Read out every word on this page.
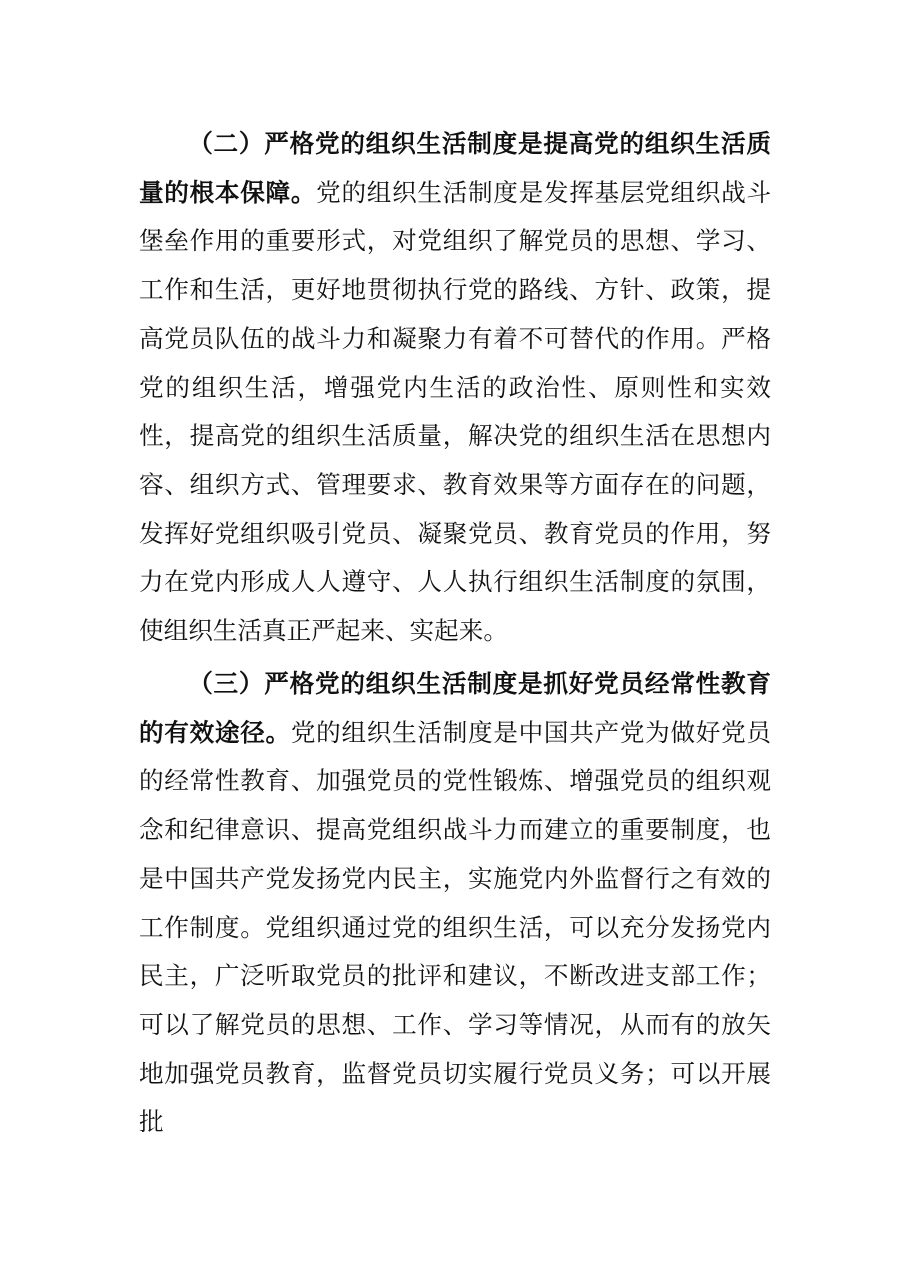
（二）严格党的组织生活制度是提高党的组织生活质量的根本保障。党的组织生活制度是发挥基层党组织战斗堡垒作用的重要形式，对党组织了解党员的思想、学习、工作和生活，更好地贯彻执行党的路线、方针、政策，提高党员队伍的战斗力和凝聚力有着不可替代的作用。严格党的组织生活，增强党内生活的政治性、原则性和实效性，提高党的组织生活质量，解决党的组织生活在思想内容、组织方式、管理要求、教育效果等方面存在的问题，发挥好党组织吸引党员、凝聚党员、教育党员的作用，努力在党内形成人人遵守、人人执行组织生活制度的氛围，使组织生活真正严起来、实起来。

（三）严格党的组织生活制度是抓好党员经常性教育的有效途径。党的组织生活制度是中国共产党为做好党员的经常性教育、加强党员的党性锻炼、增强党员的组织观念和纪律意识、提高党组织战斗力而建立的重要制度，也是中国共产党发扬党内民主，实施党内外监督行之有效的工作制度。党组织通过党的组织生活，可以充分发扬党内民主，广泛听取党员的批评和建议，不断改进支部工作；可以了解党员的思想、工作、学习等情况，从而有的放矢地加强党员教育，监督党员切实履行党员义务；可以开展批
